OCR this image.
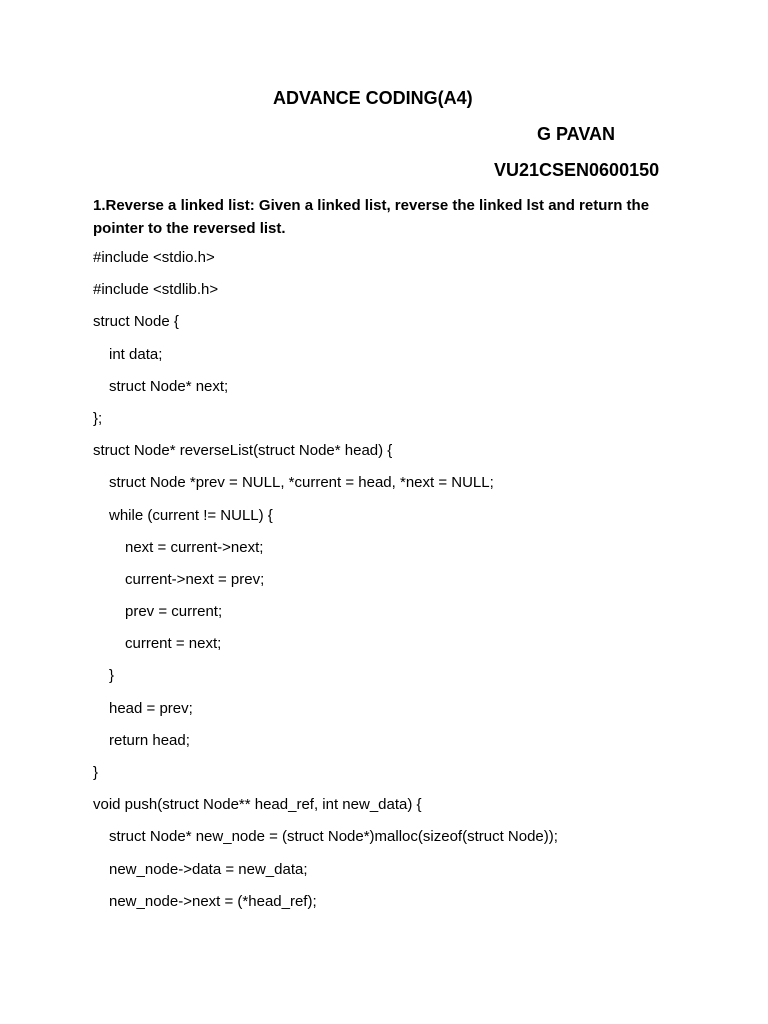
ADVANCE CODING(A4)
G PAVAN
VU21CSEN0600150
1.Reverse a linked list: Given a linked list, reverse the linked lst and return the pointer to the reversed list.
#include <stdio.h>
#include <stdlib.h>
struct Node {
int data;
struct Node* next;
};
struct Node* reverseList(struct Node* head) {
struct Node *prev = NULL, *current = head, *next = NULL;
while (current != NULL) {
next = current->next;
current->next = prev;
prev = current;
current = next;
}
head = prev;
return head;
}
void push(struct Node** head_ref, int new_data) {
struct Node* new_node = (struct Node*)malloc(sizeof(struct Node));
new_node->data = new_data;
new_node->next = (*head_ref);
